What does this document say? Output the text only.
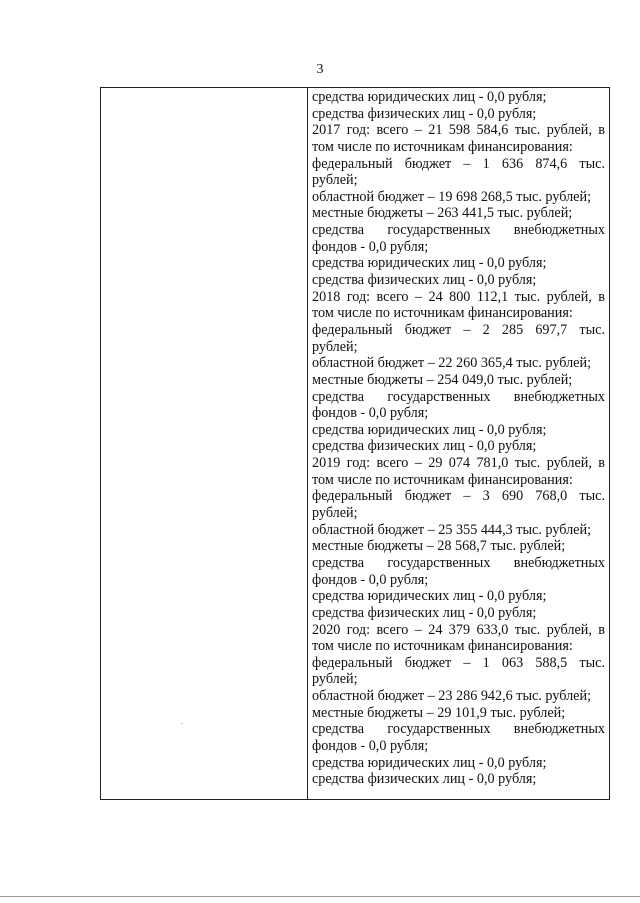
3
средства юридических лиц - 0,0 рубля;
средства физических лиц - 0,0 рубля;
2017 год: всего – 21 598 584,6 тыс. рублей, в
том числе по источникам финансирования:
федеральный бюджет – 1 636 874,6 тыс.
рублей;
областной бюджет – 19 698 268,5 тыс. рублей;
местные бюджеты – 263 441,5 тыс. рублей;
средства государственных внебюджетных
фондов - 0,0 рубля;
средства юридических лиц - 0,0 рубля;
средства физических лиц - 0,0 рубля;
2018 год: всего – 24 800 112,1 тыс. рублей, в
том числе по источникам финансирования:
федеральный бюджет – 2 285 697,7 тыс.
рублей;
областной бюджет – 22 260 365,4 тыс. рублей;
местные бюджеты – 254 049,0 тыс. рублей;
средства государственных внебюджетных
фондов - 0,0 рубля;
средства юридических лиц - 0,0 рубля;
средства физических лиц - 0,0 рубля;
2019 год: всего – 29 074 781,0 тыс. рублей, в
том числе по источникам финансирования:
федеральный бюджет – 3 690 768,0 тыс.
рублей;
областной бюджет – 25 355 444,3 тыс. рублей;
местные бюджеты – 28 568,7 тыс. рублей;
средства государственных внебюджетных
фондов - 0,0 рубля;
средства юридических лиц - 0,0 рубля;
средства физических лиц - 0,0 рубля;
2020 год: всего – 24 379 633,0 тыс. рублей, в
том числе по источникам финансирования:
федеральный бюджет – 1 063 588,5 тыс.
рублей;
областной бюджет – 23 286 942,6 тыс. рублей;
местные бюджеты – 29 101,9 тыс. рублей;
средства государственных внебюджетных
фондов - 0,0 рубля;
средства юридических лиц - 0,0 рубля;
средства физических лиц - 0,0 рубля;
